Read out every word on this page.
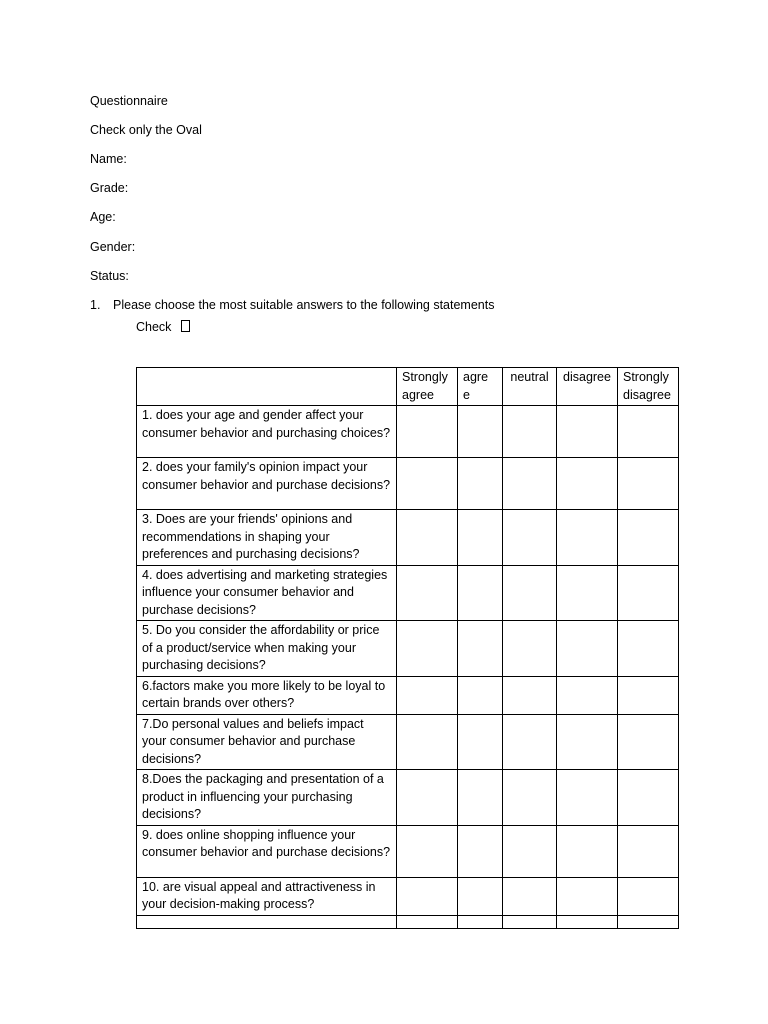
Questionnaire
Check only the Oval
Name:
Grade:
Age:
Gender:
Status:
1. Please choose the most suitable answers to the following statements
Check
	Strongly agree	agre e	neutral	disagree	Strongly disagree
1. does your age and gender affect your consumer behavior and purchasing choices?					
2. does your family's opinion impact your consumer behavior and purchase decisions?					
3. Does are your friends' opinions and recommendations in shaping your preferences and purchasing decisions?					
4. does advertising and marketing strategies influence your consumer behavior and purchase decisions?					
5. Do you consider the affordability or price of a product/service when making your purchasing decisions?					
6.factors make you more likely to be loyal to certain brands over others?					
7.Do personal values and beliefs impact your consumer behavior and purchase decisions?					
8.Does the packaging and presentation of a product in influencing your purchasing decisions?					
9. does online shopping influence your consumer behavior and purchase decisions?					
10. are visual appeal and attractiveness in your decision-making process?					
